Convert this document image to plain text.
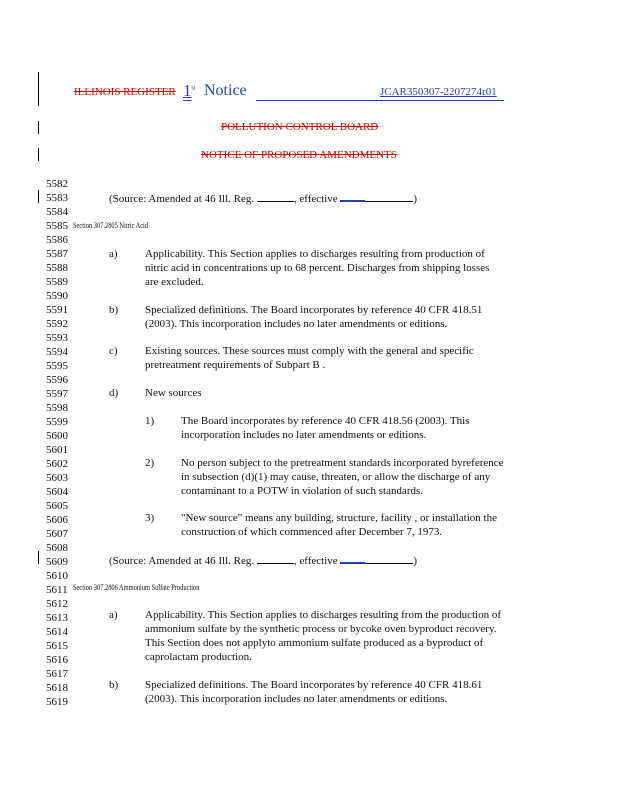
ILLINOIS REGISTER 1st Notice	JCAR350307-2207274r01
POLLUTION CONTROL BOARD
NOTICE OF PROPOSED AMENDMENTS
5582
5583
5584
5585
5586
5587
5588
5589
5590
5591
5592
5593
5594
5595
5596
5597
5598
5599
5600
5601
5602
5603
5604
5605
5606
5607
5608
5609
5610
5611
5612
5613
5614
5615
5616
5617
5618
5619
(Source: Amended at 46 Ill. Reg.	, effective	)
Section 307.2805 Nitric Acid
a) Applicability. This Section applies to discharges resulting from production of
nitric acid in concentrations up to 68 percent. Discharges from shipping losses
are excluded.
b) Specialized definitions. The Board incorporates by reference 40 CFR 418.51
(2003). This incorporation includes no later amendments or editions.
c) Existing sources. These sources must comply with the general and specific
pretreatment requirements of Subpart B .
d) New sources
1) The Board incorporates by reference 40 CFR 418.56 (2003). This
incorporation includes no later amendments or editions.
2) No person subject to the pretreatment standards incorporated byreference
in subsection (d)(1) may cause, threaten, or allow the discharge of any
contaminant to a POTW in violation of such standards.
3) "New source" means any building, structure, facility , or installation the
construction of which commenced after December 7, 1973.
(Source: Amended at 46 Ill. Reg.	, effective	)
Section 307.2806 Ammonium Sulfate Production
a) Applicability. This Section applies to discharges resulting from the production of
ammonium sulfate by the synthetic process or bycoke oven byproduct recovery.
This Section does not applyto ammonium sulfate produced as a byproduct of
caprolactam production.
b) Specialized definitions. The Board incorporates by reference 40 CFR 418.61
(2003). This incorporation includes no later amendments or editions.
